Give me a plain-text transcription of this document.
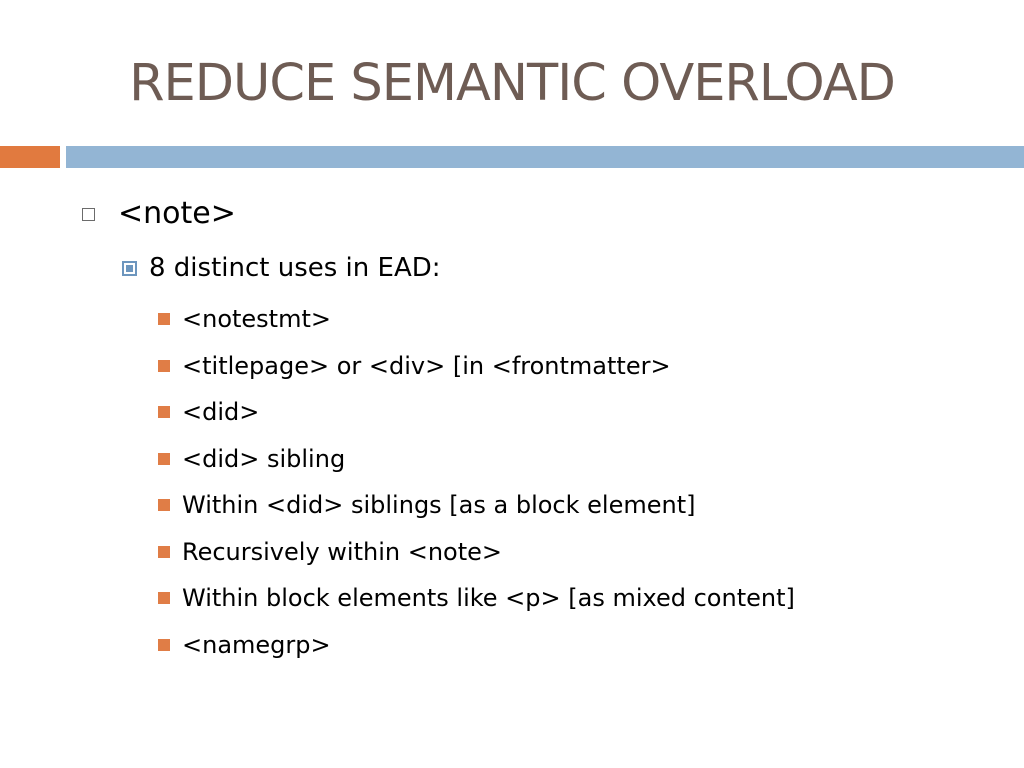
REDUCE SEMANTIC OVERLOAD
<note>
8 distinct uses in EAD:
<notestmt>
<titlepage> or <div> [in <frontmatter>
<did>
<did> sibling
Within <did> siblings [as a block element]
Recursively within <note>
Within block elements like <p> [as mixed content]
<namegrp>
